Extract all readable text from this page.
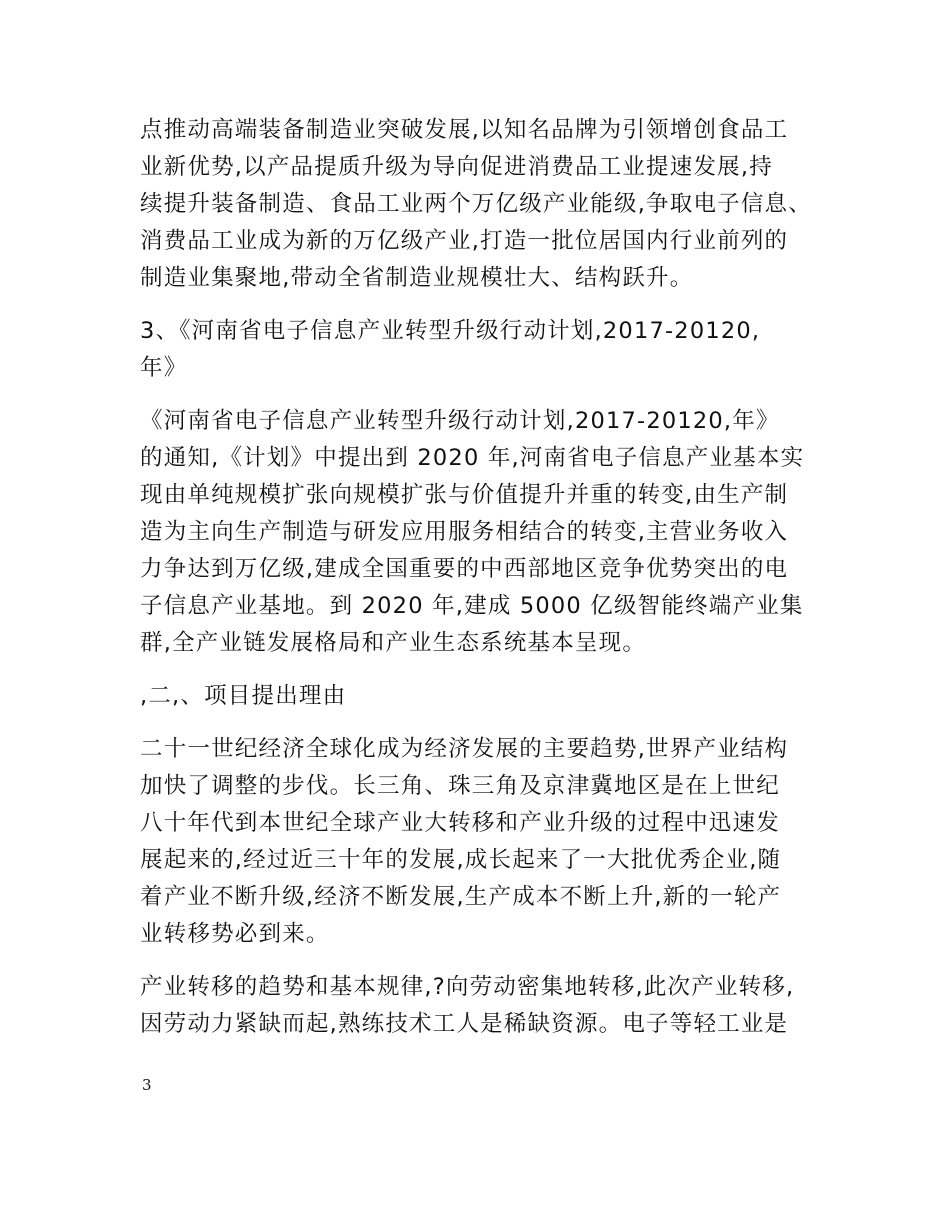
点推动高端装备制造业突破发展,以知名品牌为引领增创食品工
业新优势,以产品提质升级为导向促进消费品工业提速发展,持
续提升装备制造、食品工业两个万亿级产业能级,争取电子信息、
消费品工业成为新的万亿级产业,打造一批位居国内行业前列的
制造业集聚地,带动全省制造业规模壮大、结构跃升。

3、《河南省电子信息产业转型升级行动计划,2017-20120,
年》

《河南省电子信息产业转型升级行动计划,2017-20120,年》
的通知,《计划》中提出到 2020 年,河南省电子信息产业基本实
现由单纯规模扩张向规模扩张与价值提升并重的转变,由生产制
造为主向生产制造与研发应用服务相结合的转变,主营业务收入
力争达到万亿级,建成全国重要的中西部地区竞争优势突出的电
子信息产业基地。到 2020 年,建成 5000 亿级智能终端产业集
群,全产业链发展格局和产业生态系统基本呈现。

,二,、项目提出理由

二十一世纪经济全球化成为经济发展的主要趋势,世界产业结构
加快了调整的步伐。长三角、珠三角及京津冀地区是在上世纪
八十年代到本世纪全球产业大转移和产业升级的过程中迅速发
展起来的,经过近三十年的发展,成长起来了一大批优秀企业,随
着产业不断升级,经济不断发展,生产成本不断上升,新的一轮产
业转移势必到来。

产业转移的趋势和基本规律,?向劳动密集地转移,此次产业转移,
因劳动力紧缺而起,熟练技术工人是稀缺资源。电子等轻工业是

3
